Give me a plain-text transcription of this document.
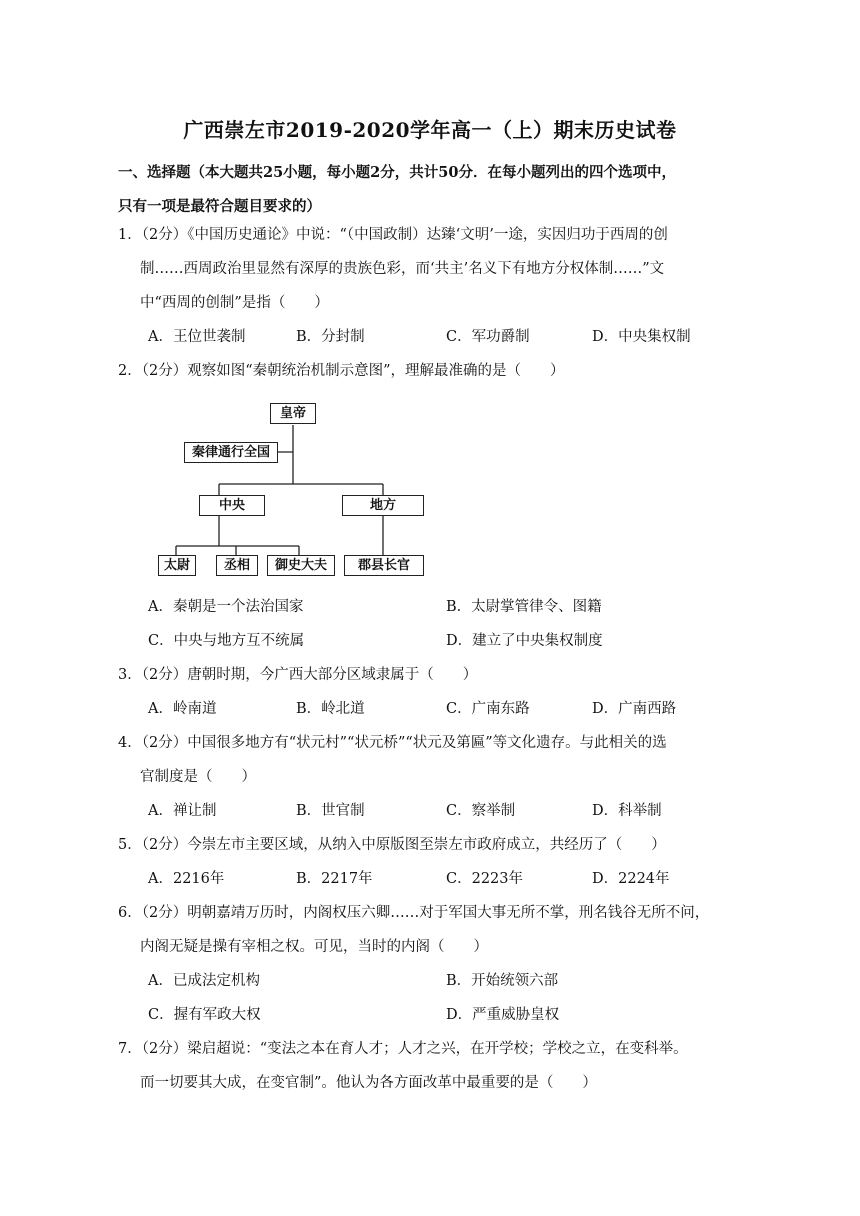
广西崇左市2019-2020学年高一（上）期末历史试卷
一、选择题（本大题共25小题，每小题2分，共计50分．在每小题列出的四个选项中，
只有一项是最符合题目要求的）
1．（2分）《中国历史通论》中说：“（中国政制）达臻‘文明’一途，实因归功于西周的创
制……西周政治里显然有深厚的贵族色彩，而‘共主’名义下有地方分权体制……”文
中“西周的创制”是指（　　）
A．王位世袭制	B．分封制	C．军功爵制	D．中央集权制
2．（2分）观察如图“秦朝统治机制示意图”，理解最准确的是（　　）
皇帝
秦律通行全国
中央	地方
太尉	丞相	御史大夫	郡县长官
A．秦朝是一个法治国家	B．太尉掌管律令、图籍
C．中央与地方互不统属	D．建立了中央集权制度
3．（2分）唐朝时期，今广西大部分区域隶属于（　　）
A．岭南道	B．岭北道	C．广南东路	D．广南西路
4．（2分）中国很多地方有“状元村”“状元桥”“状元及第匾”等文化遗存。与此相关的选
官制度是（　　）
A．禅让制	B．世官制	C．察举制	D．科举制
5．（2分）今崇左市主要区域，从纳入中原版图至崇左市政府成立，共经历了（　　）
A．2216年	B．2217年	C．2223年	D．2224年
6．（2分）明朝嘉靖万历时，内阁权压六卿……对于军国大事无所不掌，刑名钱谷无所不问，
内阁无疑是操有宰相之权。可见，当时的内阁（　　）
A．已成法定机构	B．开始统领六部
C．握有军政大权	D．严重威胁皇权
7．（2分）梁启超说：“变法之本在育人才；人才之兴，在开学校；学校之立，在变科举。
而一切要其大成，在变官制”。他认为各方面改革中最重要的是（　　）
